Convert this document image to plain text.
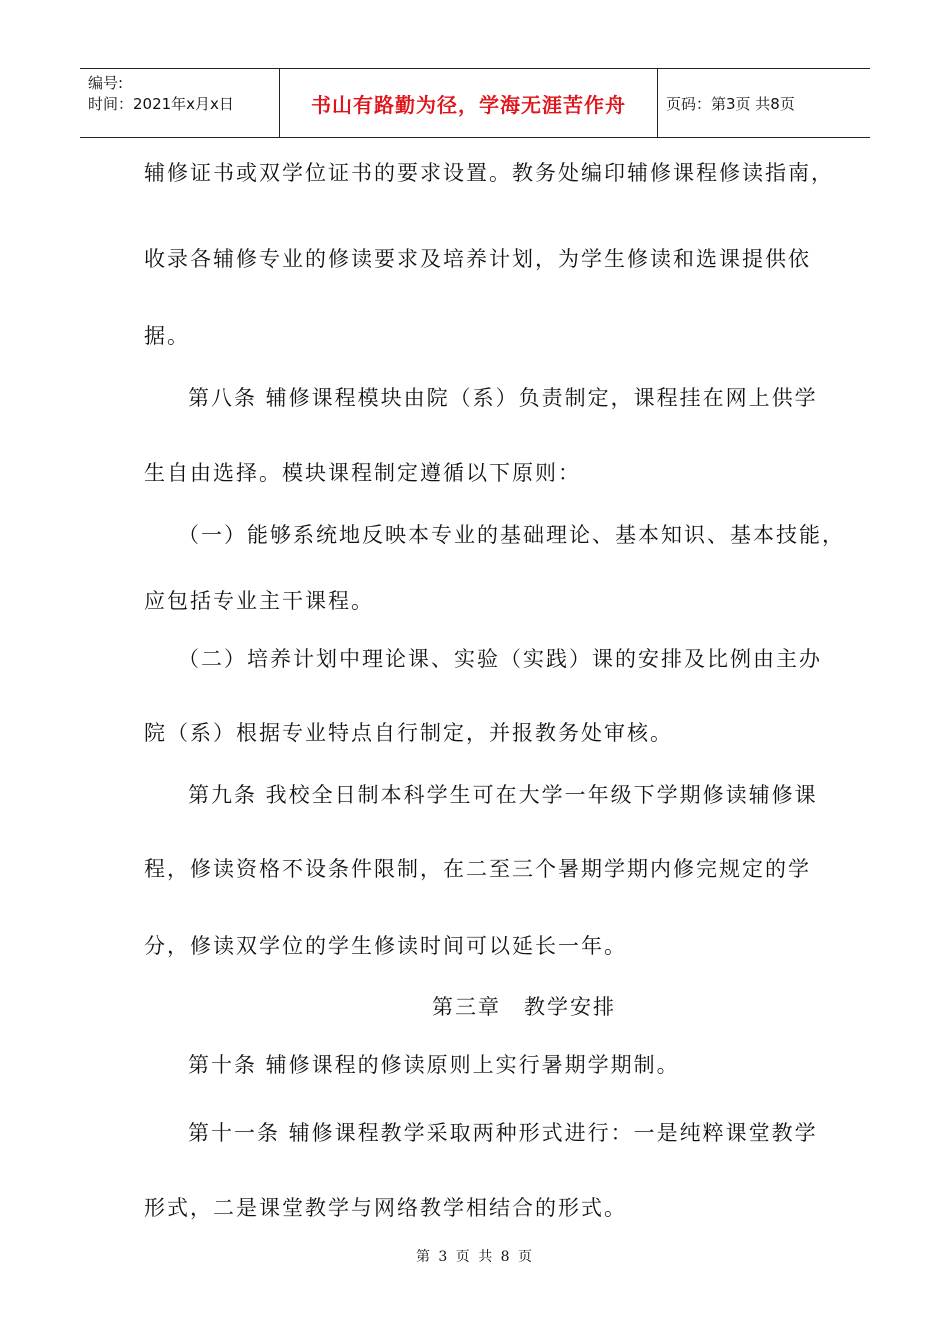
编号:
时间：2021年x月x日	书山有路勤为径，学海无涯苦作舟	页码：第3页 共8页
辅修证书或双学位证书的要求设置。教务处编印辅修课程修读指南，
收录各辅修专业的修读要求及培养计划，为学生修读和选课提供依
据。
第八条 辅修课程模块由院（系）负责制定，课程挂在网上供学
生自由选择。模块课程制定遵循以下原则：
（一）能够系统地反映本专业的基础理论、基本知识、基本技能，
应包括专业主干课程。
（二）培养计划中理论课、实验（实践）课的安排及比例由主办
院（系）根据专业特点自行制定，并报教务处审核。
第九条 我校全日制本科学生可在大学一年级下学期修读辅修课
程，修读资格不设条件限制，在二至三个暑期学期内修完规定的学
分，修读双学位的学生修读时间可以延长一年。
第三章　教学安排
第十条 辅修课程的修读原则上实行暑期学期制。
第十一条 辅修课程教学采取两种形式进行：一是纯粹课堂教学
形式，二是课堂教学与网络教学相结合的形式。
第 3 页 共 8 页
